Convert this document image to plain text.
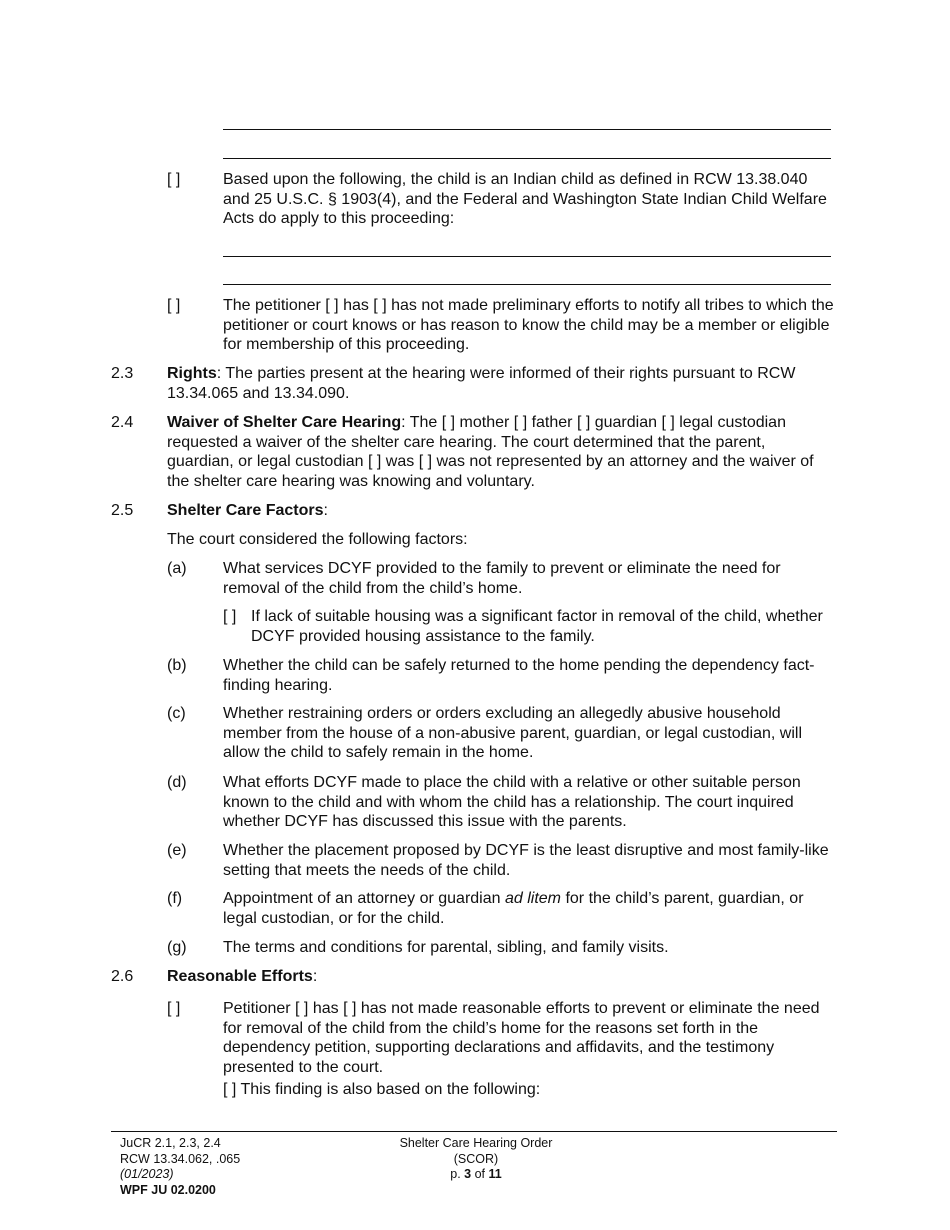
[ ]	Based upon the following, the child is an Indian child as defined in RCW 13.38.040 and 25 U.S.C. § 1903(4), and the Federal and Washington State Indian Child Welfare Acts do apply to this proceeding:

[ ]	The petitioner [ ] has [ ] has not made preliminary efforts to notify all tribes to which the petitioner or court knows or has reason to know the child may be a member or eligible for membership of this proceeding.

2.3 Rights: The parties present at the hearing were informed of their rights pursuant to RCW 13.34.065 and 13.34.090.

2.4 Waiver of Shelter Care Hearing: The [ ] mother [ ] father [ ] guardian [ ] legal custodian requested a waiver of the shelter care hearing. The court determined that the parent, guardian, or legal custodian [ ] was [ ] was not represented by an attorney and the waiver of the shelter care hearing was knowing and voluntary.

2.5 Shelter Care Factors:

The court considered the following factors:

(a) What services DCYF provided to the family to prevent or eliminate the need for removal of the child from the child’s home.

[ ] If lack of suitable housing was a significant factor in removal of the child, whether DCYF provided housing assistance to the family.

(b) Whether the child can be safely returned to the home pending the dependency fact-finding hearing.

(c) Whether restraining orders or orders excluding an allegedly abusive household member from the house of a non-abusive parent, guardian, or legal custodian, will allow the child to safely remain in the home.

(d) What efforts DCYF made to place the child with a relative or other suitable person known to the child and with whom the child has a relationship. The court inquired whether DCYF has discussed this issue with the parents.

(e) Whether the placement proposed by DCYF is the least disruptive and most family-like setting that meets the needs of the child.

(f)	Appointment of an attorney or guardian ad litem for the child’s parent, guardian, or legal custodian, or for the child.

(g) The terms and conditions for parental, sibling, and family visits.

2.6 Reasonable Efforts:

[ ]	Petitioner [ ] has [ ] has not made reasonable efforts to prevent or eliminate the need for removal of the child from the child’s home for the reasons set forth in the dependency petition, supporting declarations and affidavits, and the testimony presented to the court.

[ ] This finding is also based on the following:

JuCR 2.1, 2.3, 2.4
RCW 13.34.062, .065
(01/2023)
WPF JU 02.0200
Shelter Care Hearing Order
(SCOR)
p. 3 of 11
